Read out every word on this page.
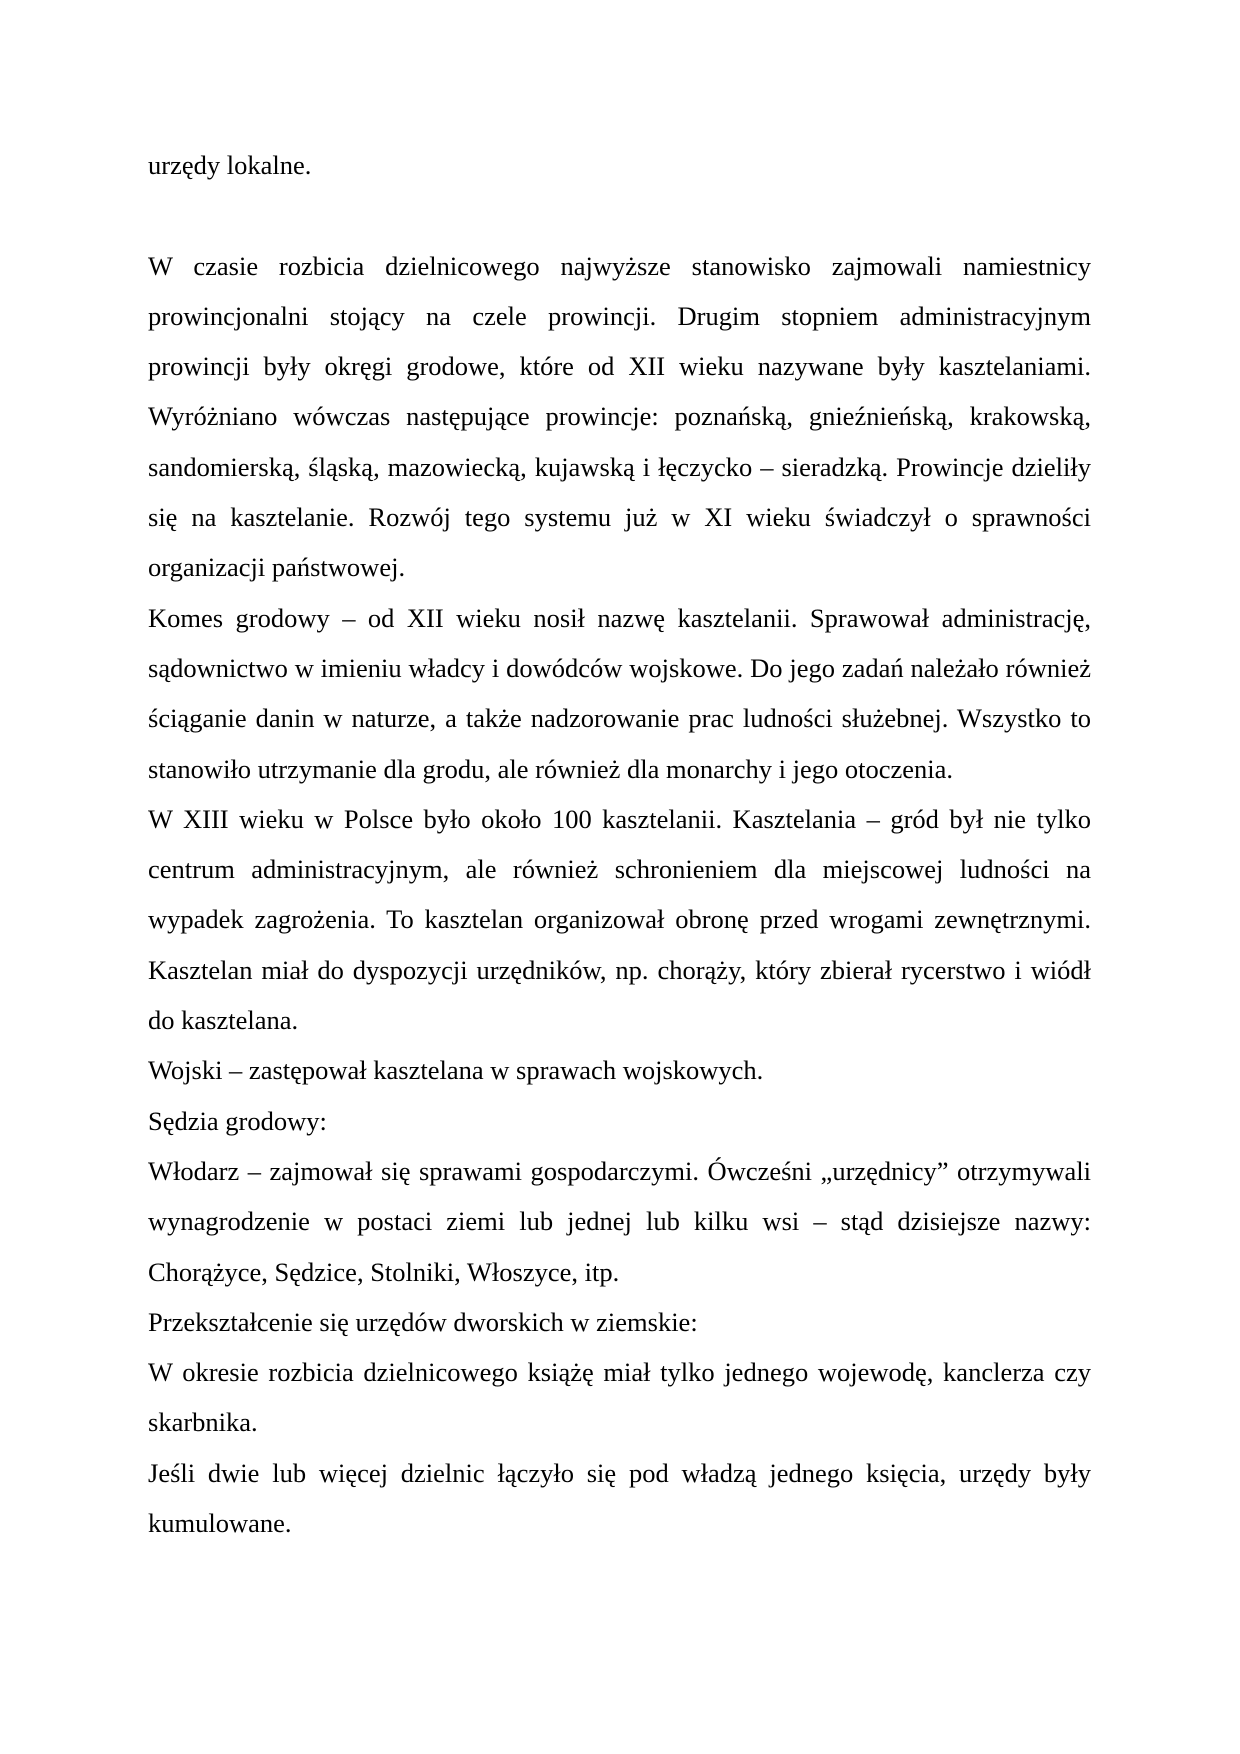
urzędy lokalne.

W czasie rozbicia dzielnicowego najwyższe stanowisko zajmowali namiestnicy prowincjonalni stojący na czele prowincji. Drugim stopniem administracyjnym prowincji były okręgi grodowe, które od XII wieku nazywane były kasztelaniami. Wyróżniano wówczas następujące prowincje: poznańską, gnieźnieńską, krakowską, sandomierską, śląską, mazowiecką, kujawską i łęczycko – sieradzką. Prowincje dzieliły się na kasztelanie. Rozwój tego systemu już w XI wieku świadczył o sprawności organizacji państwowej.

Komes grodowy – od XII wieku nosił nazwę kasztelanii. Sprawował administrację, sądownictwo w imieniu władcy i dowódców wojskowe. Do jego zadań należało również ściąganie danin w naturze, a także nadzorowanie prac ludności służebnej. Wszystko to stanowiło utrzymanie dla grodu, ale również dla monarchy i jego otoczenia.

W XIII wieku w Polsce było około 100 kasztelanii. Kasztelania – gród był nie tylko centrum administracyjnym, ale również schronieniem dla miejscowej ludności na wypadek zagrożenia. To kasztelan organizował obronę przed wrogami zewnętrznymi. Kasztelan miał do dyspozycji urzędników, np. chorąży, który zbierał rycerstwo i wiódł do kasztelana.

Wojski – zastępował kasztelana w sprawach wojskowych.

Sędzia grodowy:

Włodarz – zajmował się sprawami gospodarczymi. Ówcześni „urzędnicy” otrzymywali wynagrodzenie w postaci ziemi lub jednej lub kilku wsi – stąd dzisiejsze nazwy: Chorążyce, Sędzice, Stolniki, Włoszyce, itp.

Przekształcenie się urzędów dworskich w ziemskie:

W okresie rozbicia dzielnicowego książę miał tylko jednego wojewodę, kanclerza czy skarbnika.

Jeśli dwie lub więcej dzielnic łączyło się pod władzą jednego księcia, urzędy były kumulowane.
